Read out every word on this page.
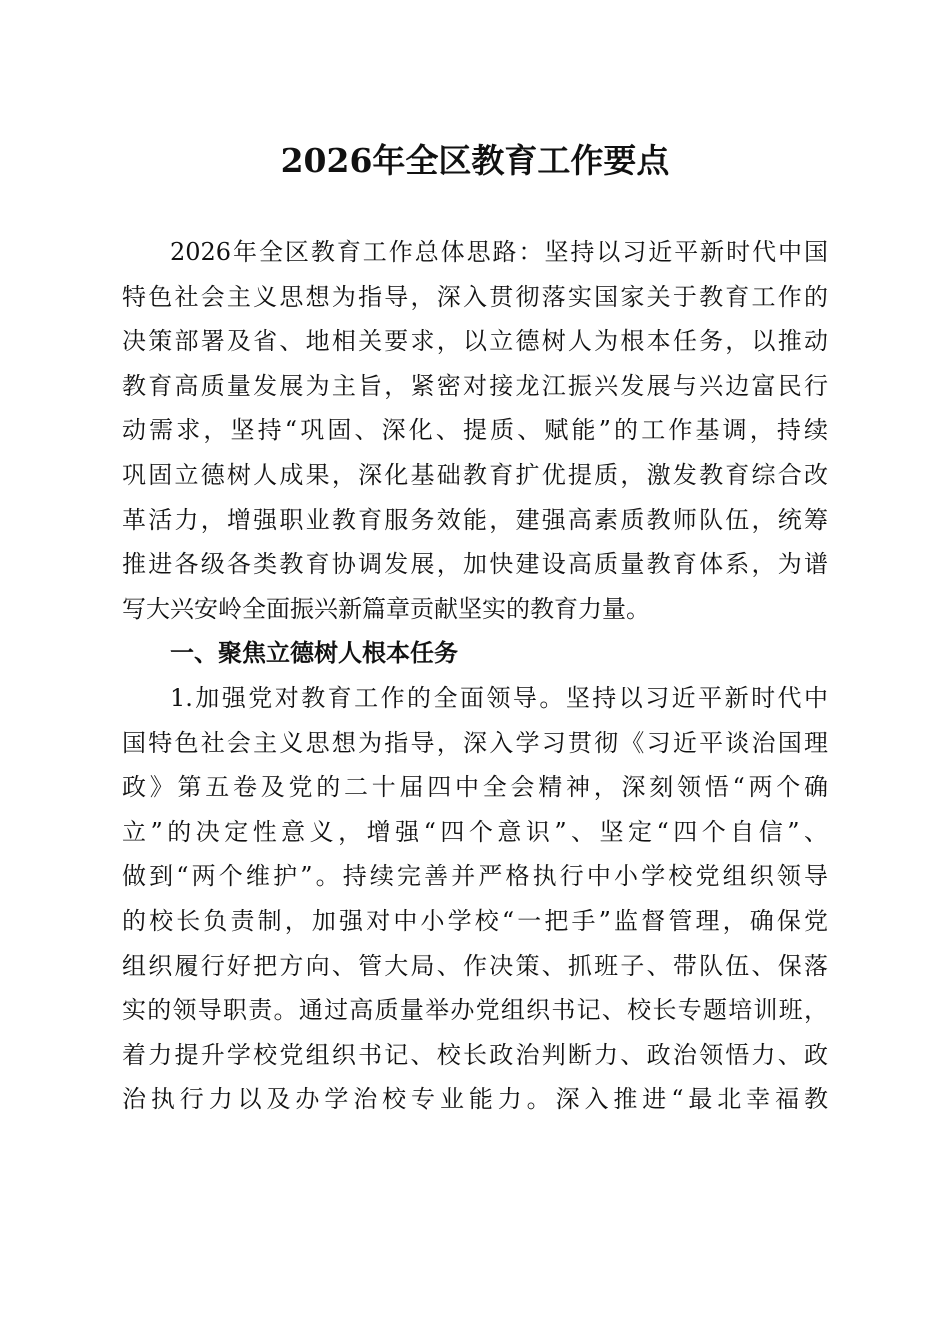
2026年全区教育工作要点
2026年全区教育工作总体思路：坚持以习近平新时代中国
特色社会主义思想为指导，深入贯彻落实国家关于教育工作的
决策部署及省、地相关要求，以立德树人为根本任务，以推动
教育高质量发展为主旨，紧密对接龙江振兴发展与兴边富民行
动需求，坚持“巩固、深化、提质、赋能”的工作基调，持续
巩固立德树人成果，深化基础教育扩优提质，激发教育综合改
革活力，增强职业教育服务效能，建强高素质教师队伍，统筹
推进各级各类教育协调发展，加快建设高质量教育体系，为谱
写大兴安岭全面振兴新篇章贡献坚实的教育力量。
一、聚焦立德树人根本任务
1.加强党对教育工作的全面领导。坚持以习近平新时代中
国特色社会主义思想为指导，深入学习贯彻《习近平谈治国理
政》第五卷及党的二十届四中全会精神，深刻领悟“两个确
立”的决定性意义，增强“四个意识”、坚定“四个自信”、
做到“两个维护”。持续完善并严格执行中小学校党组织领导
的校长负责制，加强对中小学校“一把手”监督管理，确保党
组织履行好把方向、管大局、作决策、抓班子、带队伍、保落
实的领导职责。通过高质量举办党组织书记、校长专题培训班，
着力提升学校党组织书记、校长政治判断力、政治领悟力、政
治执行力以及办学治校专业能力。深入推进“最北幸福教
